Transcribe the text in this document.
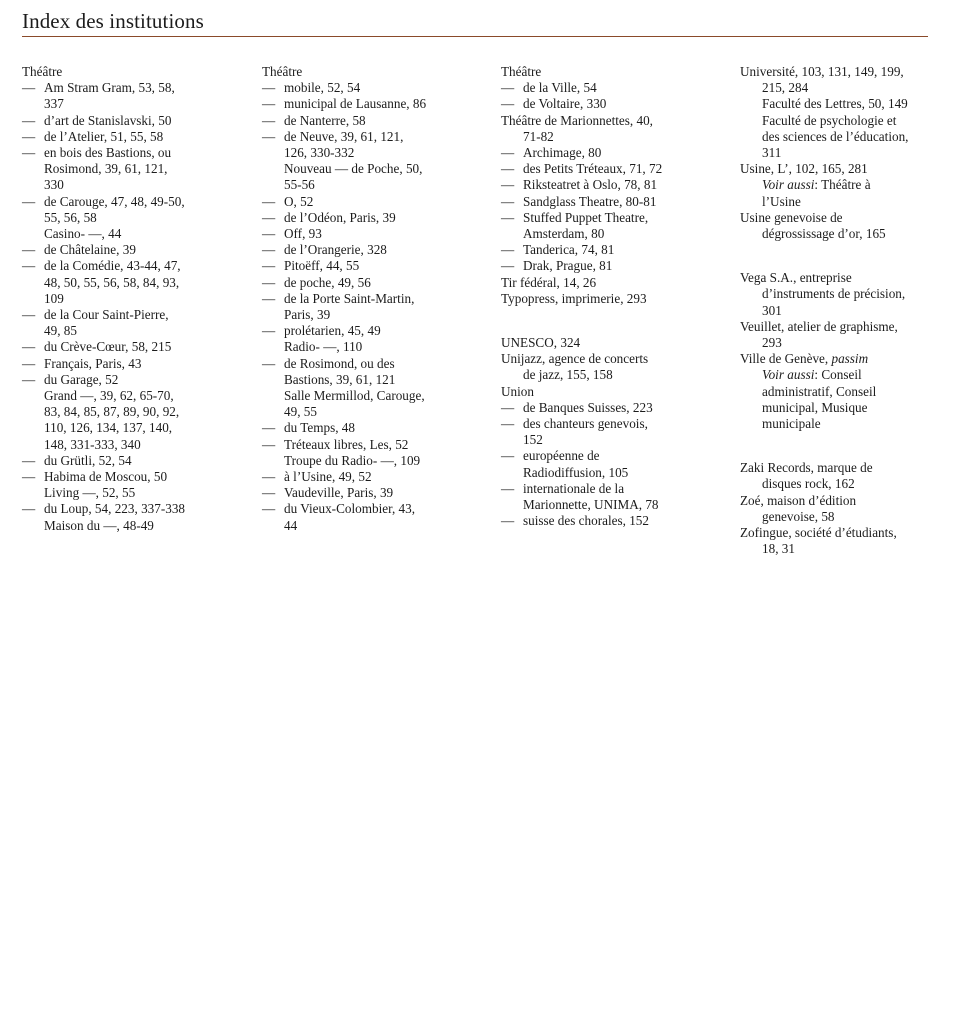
Index des institutions
Théâtre
— Am Stram Gram, 53, 58,
337
— d’art de Stanislavski, 50
— de l’Atelier, 51, 55, 58
— en bois des Bastions, ou
Rosimond, 39, 61, 121,
330
— de Carouge, 47, 48, 49-50,
55, 56, 58
Casino- —, 44
— de Châtelaine, 39
— de la Comédie, 43-44, 47,
48, 50, 55, 56, 58, 84, 93,
109
— de la Cour Saint-Pierre,
49, 85
— du Crève-Cœur, 58, 215
— Français, Paris, 43
— du Garage, 52
Grand —, 39, 62, 65-70,
83, 84, 85, 87, 89, 90, 92,
110, 126, 134, 137, 140,
148, 331-333, 340
— du Grütli, 52, 54
— Habima de Moscou, 50
Living —, 52, 55
— du Loup, 54, 223, 337-338
Maison du —, 48-49
Théâtre
— mobile, 52, 54
— municipal de Lausanne, 86
— de Nanterre, 58
— de Neuve, 39, 61, 121,
126, 330-332
Nouveau — de Poche, 50,
55-56
— O, 52
— de l’Odéon, Paris, 39
— Off, 93
— de l’Orangerie, 328
— Pitoëff, 44, 55
— de poche, 49, 56
— de la Porte Saint-Martin,
Paris, 39
— prolétarien, 45, 49
Radio- —, 110
— de Rosimond, ou des
Bastions, 39, 61, 121
Salle Mermillod, Carouge,
49, 55
— du Temps, 48
— Tréteaux libres, Les, 52
Troupe du Radio- —, 109
— à l’Usine, 49, 52
— Vaudeville, Paris, 39
— du Vieux-Colombier, 43,
44
Théâtre
— de la Ville, 54
— de Voltaire, 330
Théâtre de Marionnettes, 40,
71-82
— Archimage, 80
— des Petits Tréteaux, 71, 72
— Riksteatret à Oslo, 78, 81
— Sandglass Theatre, 80-81
— Stuffed Puppet Theatre,
Amsterdam, 80
— Tanderica, 74, 81
— Drak, Prague, 81
Tir fédéral, 14, 26
Typopress, imprimerie, 293
UNESCO, 324
Unijazz, agence de concerts
de jazz, 155, 158
Union
— de Banques Suisses, 223
— des chanteurs genevois,
152
— européenne de
Radiodiffusion, 105
— internationale de la
Marionnette, UNIMA, 78
— suisse des chorales, 152
Université, 103, 131, 149, 199,
215, 284
Faculté des Lettres, 50, 149
Faculté de psychologie et
des sciences de l’éducation,
311
Usine, L’, 102, 165, 281
Voir aussi: Théâtre à
l’Usine
Usine genevoise de
dégrossissage d’or, 165
Vega S.A., entreprise
d’instruments de précision,
301
Veuillet, atelier de graphisme,
293
Ville de Genève, passim
Voir aussi: Conseil
administratif, Conseil
municipal, Musique
municipale
Zaki Records, marque de
disques rock, 162
Zoé, maison d’édition
genevoise, 58
Zofingue, société d’étudiants,
18, 31
